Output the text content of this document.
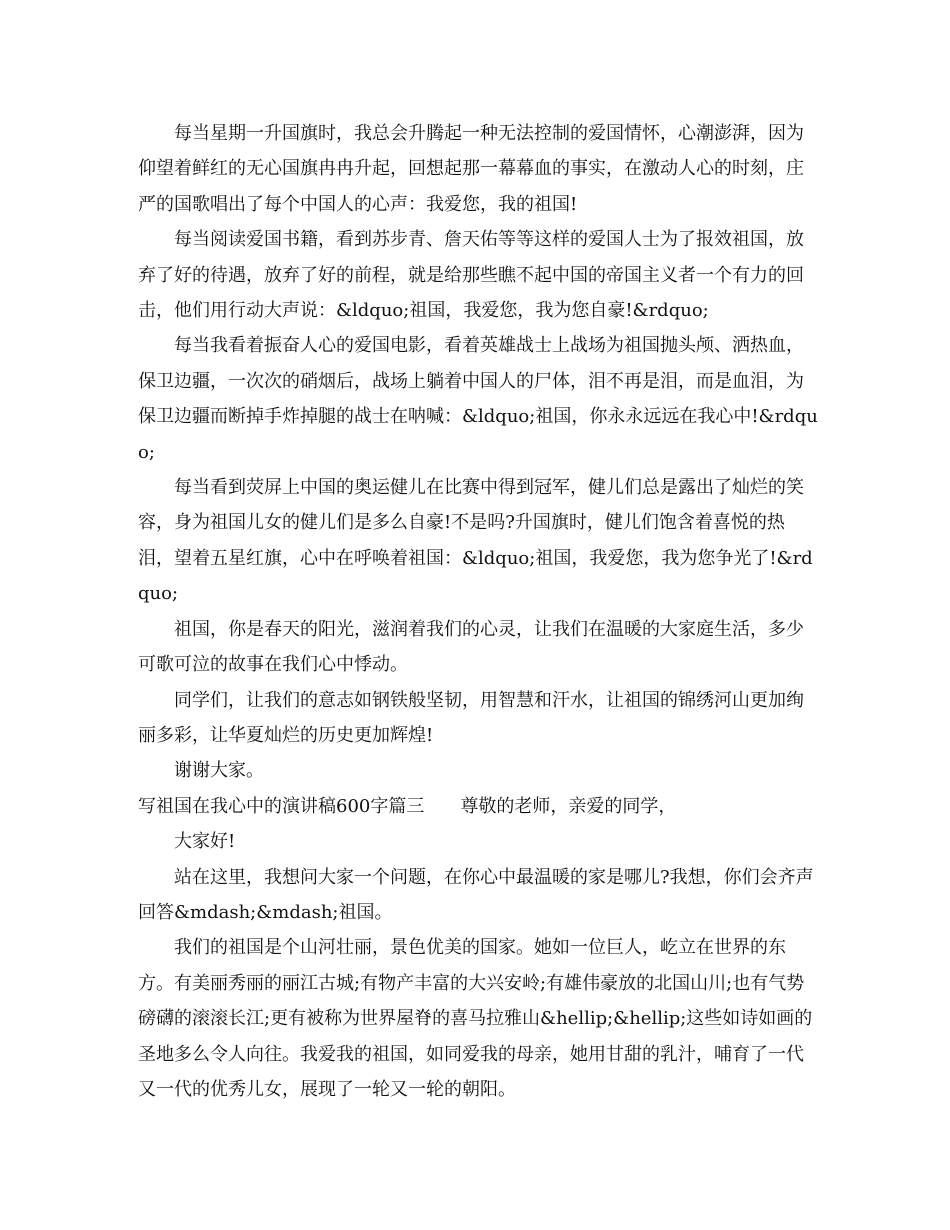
每当星期一升国旗时，我总会升腾起一种无法控制的爱国情怀，心潮澎湃，因为仰望着鲜红的无心国旗冉冉升起，回想起那一幕幕血的事实，在激动人心的时刻，庄严的国歌唱出了每个中国人的心声：我爱您，我的祖国!

每当阅读爱国书籍，看到苏步青、詹天佑等等这样的爱国人士为了报效祖国，放弃了好的待遇，放弃了好的前程，就是给那些瞧不起中国的帝国主义者一个有力的回击，他们用行动大声说：&ldquo;祖国，我爱您，我为您自豪!&rdquo;

每当我看着振奋人心的爱国电影，看着英雄战士上战场为祖国抛头颅、洒热血，保卫边疆，一次次的硝烟后，战场上躺着中国人的尸体，泪不再是泪，而是血泪，为保卫边疆而断掉手炸掉腿的战士在呐喊：&ldquo;祖国，你永永远远在我心中!&rdquo;

每当看到荧屏上中国的奥运健儿在比赛中得到冠军，健儿们总是露出了灿烂的笑容，身为祖国儿女的健儿们是多么自豪!不是吗?升国旗时，健儿们饱含着喜悦的热泪，望着五星红旗，心中在呼唤着祖国：&ldquo;祖国，我爱您，我为您争光了!&rdquo;

祖国，你是春天的阳光，滋润着我们的心灵，让我们在温暖的大家庭生活，多少可歌可泣的故事在我们心中悸动。

同学们，让我们的意志如钢铁般坚韧，用智慧和汗水，让祖国的锦绣河山更加绚丽多彩，让华夏灿烂的历史更加辉煌!

谢谢大家。

写祖国在我心中的演讲稿600字篇三　　尊敬的老师，亲爱的同学，

大家好!

站在这里，我想问大家一个问题，在你心中最温暖的家是哪儿?我想，你们会齐声回答&mdash;&mdash;祖国。

我们的祖国是个山河壮丽，景色优美的国家。她如一位巨人，屹立在世界的东方。有美丽秀丽的丽江古城;有物产丰富的大兴安岭;有雄伟豪放的北国山川;也有气势磅礴的滚滚长江;更有被称为世界屋脊的喜马拉雅山&hellip;&hellip;这些如诗如画的圣地多么令人向往。我爱我的祖国，如同爱我的母亲，她用甘甜的乳汁，哺育了一代又一代的优秀儿女，展现了一轮又一轮的朝阳。
